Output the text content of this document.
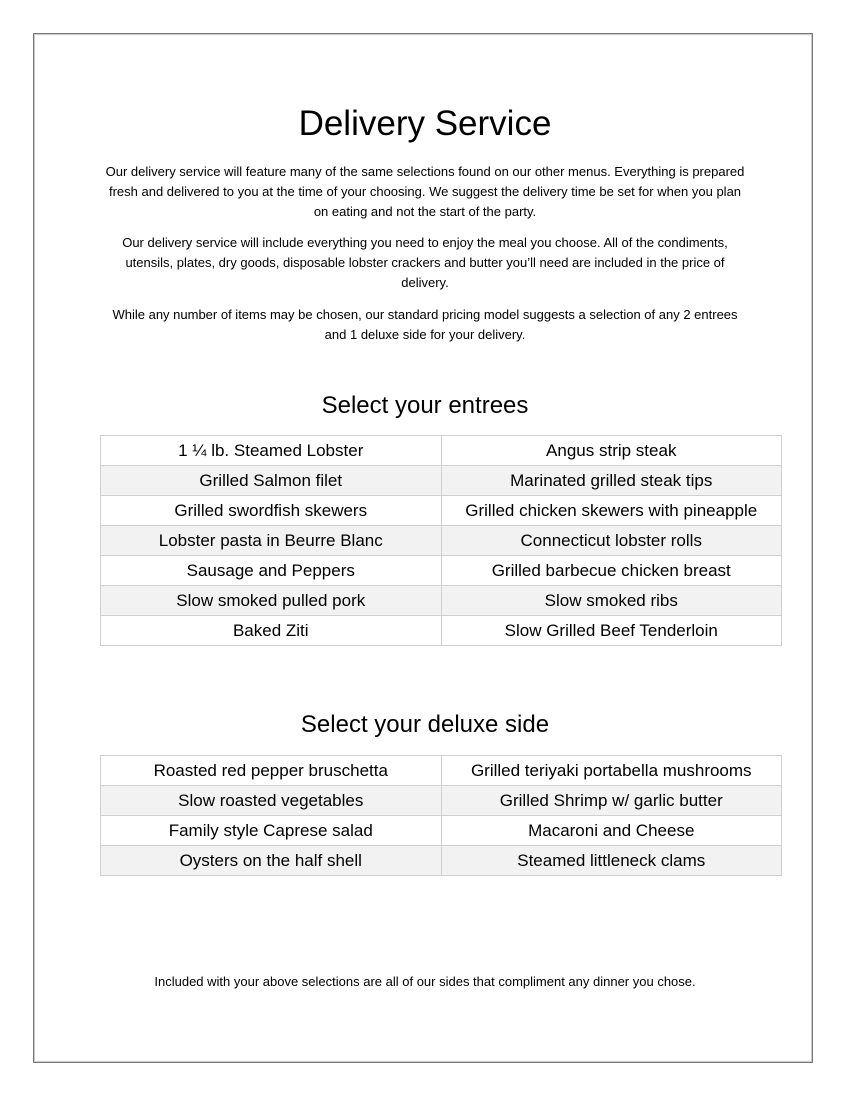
Delivery Service

Our delivery service will feature many of the same selections found on our other menus. Everything is prepared fresh and delivered to you at the time of your choosing. We suggest the delivery time be set for when you plan on eating and not the start of the party.

Our delivery service will include everything you need to enjoy the meal you choose. All of the condiments, utensils, plates, dry goods, disposable lobster crackers and butter you’ll need are included in the price of delivery.

While any number of items may be chosen, our standard pricing model suggests a selection of any 2 entrees and 1 deluxe side for your delivery.

Select your entrees
1 ¼ lb. Steamed Lobster	Angus strip steak
Grilled Salmon filet	Marinated grilled steak tips
Grilled swordfish skewers	Grilled chicken skewers with pineapple
Lobster pasta in Beurre Blanc	Connecticut lobster rolls
Sausage and Peppers	Grilled barbecue chicken breast
Slow smoked pulled pork	Slow smoked ribs
Baked Ziti	Slow Grilled Beef Tenderloin
Select your deluxe side
Roasted red pepper bruschetta	Grilled teriyaki portabella mushrooms
Slow roasted vegetables	Grilled Shrimp w/ garlic butter
Family style Caprese salad	Macaroni and Cheese
Oysters on the half shell	Steamed littleneck clams

Included with your above selections are all of our sides that compliment any dinner you chose.
